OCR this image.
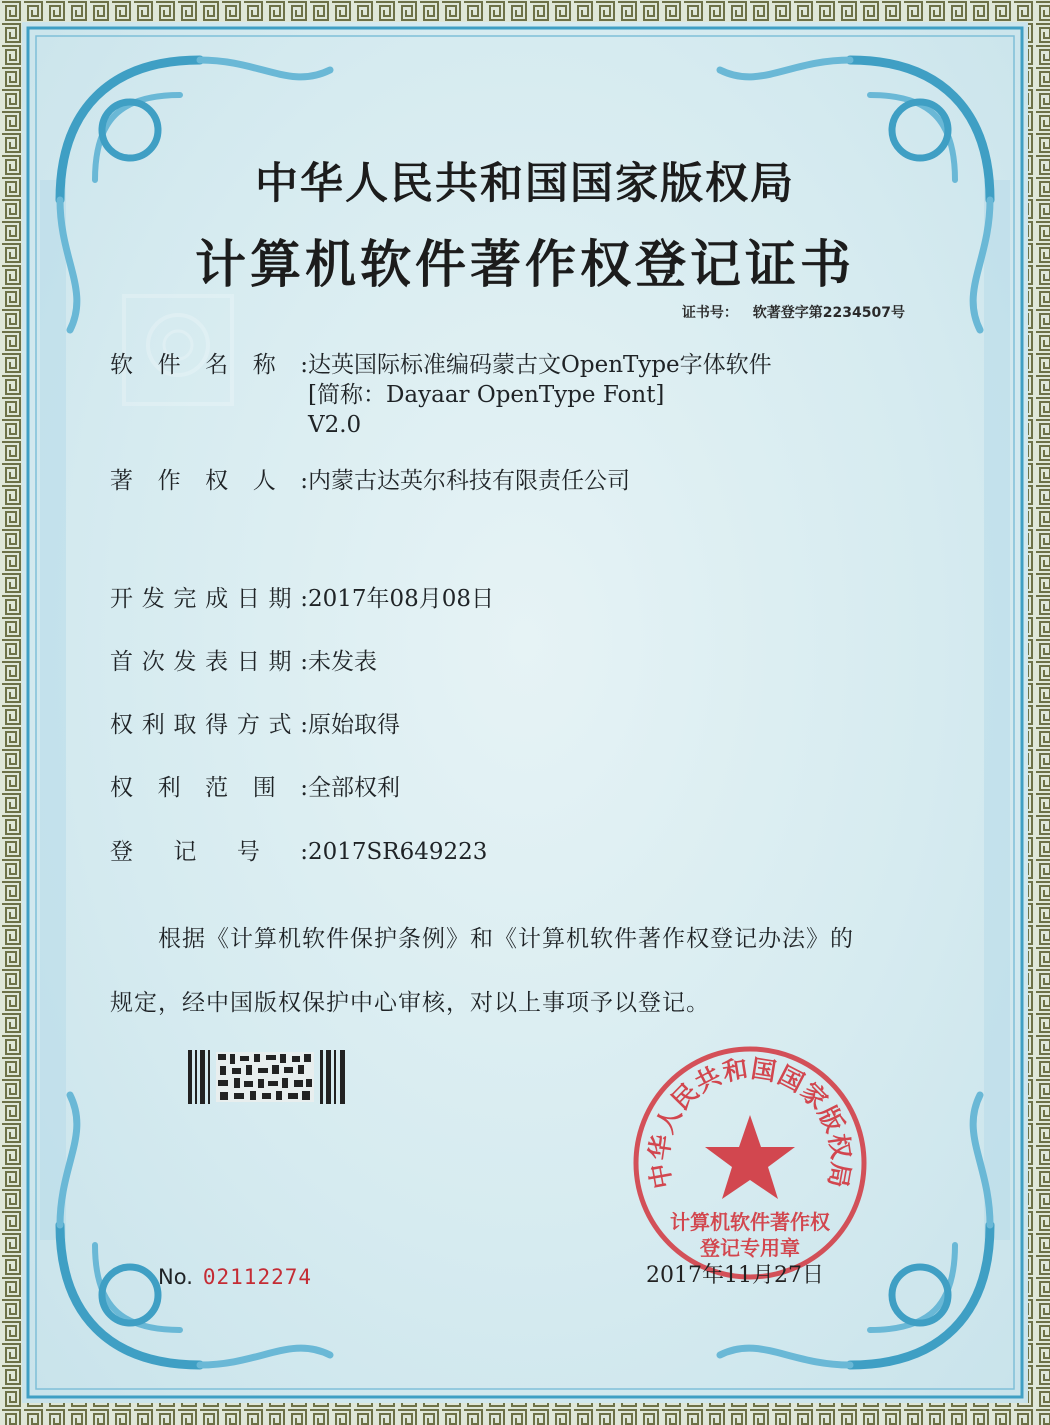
中华人民共和国国家版权局
计算机软件著作权登记证书
证书号： 软著登字第2234507号
软件名称: 达英国际标准编码蒙古文OpenType字体软件
[简称：Dayaar OpenType Font]
V2.0
著作权人:内蒙古达英尔科技有限责任公司
开发完成日期:2017年08月08日
首次发表日期:未发表
权利取得方式:原始取得
权利范围:全部权利
登记号:2017SR649223
根据《计算机软件保护条例》和《计算机软件著作权登记办法》的
规定，经中国版权保护中心审核，对以上事项予以登记。
中华人民共和国国家版权局
计算机软件著作权
登记专用章
No. 02112274	2017年11月27日
